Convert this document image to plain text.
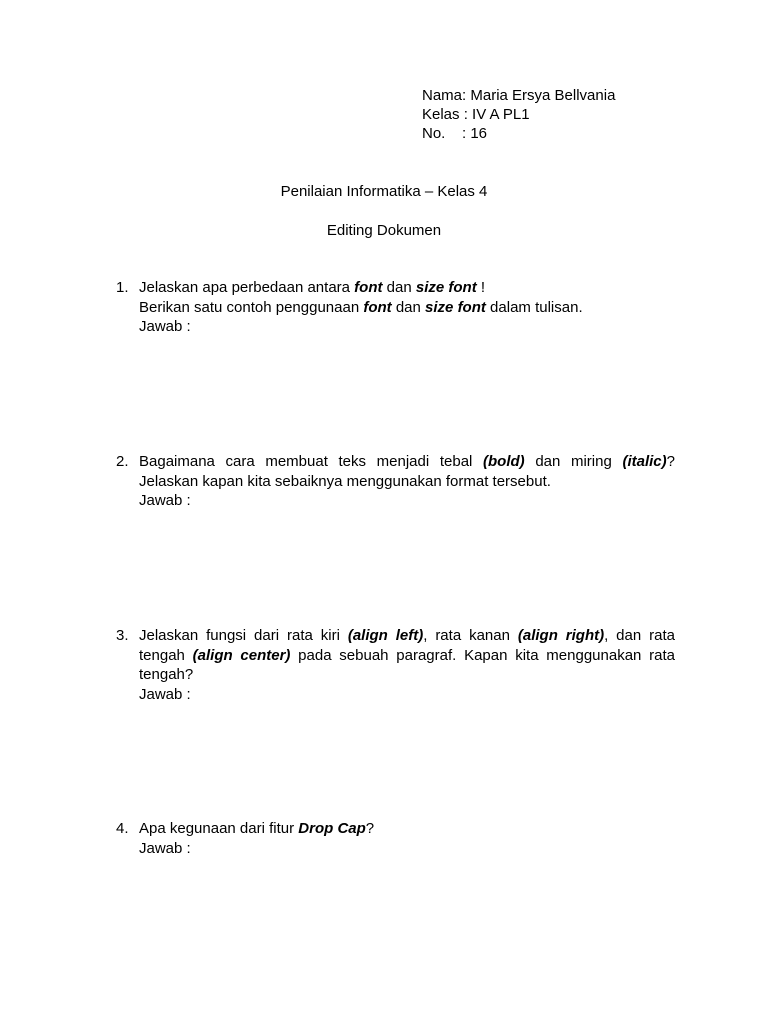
Nama: Maria Ersya Bellvania
Kelas : IV A PL1
No. : 16
Penilaian Informatika – Kelas 4
Editing Dokumen
1. Jelaskan apa perbedaan antara font dan size font !

Berikan satu contoh penggunaan font dan size font dalam tulisan.

Jawab :

2. Bagaimana cara membuat teks menjadi tebal (bold) dan miring (italic)? Jelaskan kapan kita sebaiknya menggunakan format tersebut.

Jawab :

3. Jelaskan fungsi dari rata kiri (align left), rata kanan (align right), dan rata tengah (align center) pada sebuah paragraf. Kapan kita menggunakan rata tengah?

Jawab :

4. Apa kegunaan dari fitur Drop Cap?

Jawab :
